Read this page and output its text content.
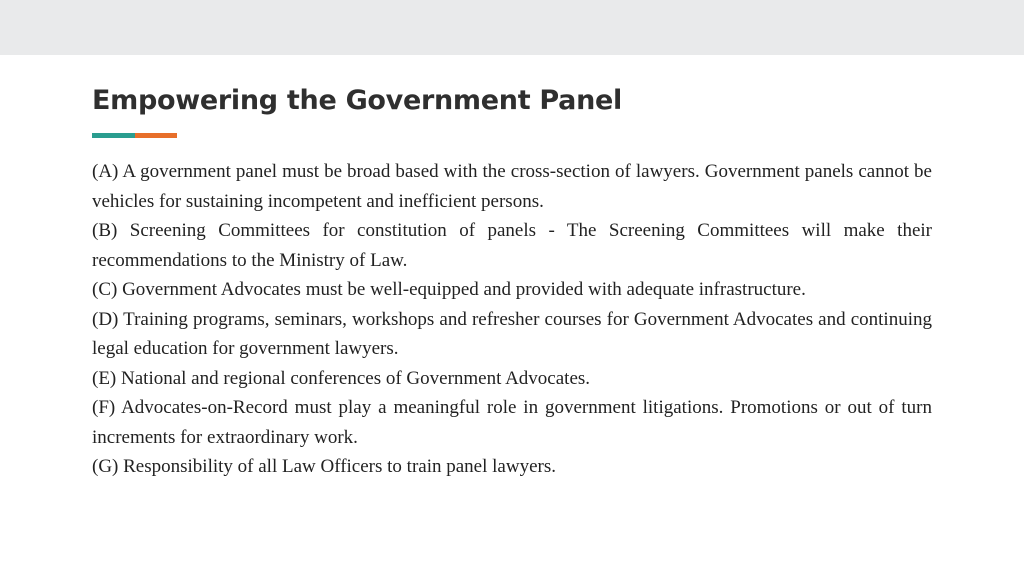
Empowering the Government Panel

(A) A government panel must be broad based with the cross-section of lawyers. Government panels cannot be vehicles for sustaining incompetent and inefficient persons.

(B) Screening Committees for constitution of panels - The Screening Committees will make their recommendations to the Ministry of Law.

(C) Government Advocates must be well-equipped and provided with adequate infrastructure.

(D) Training programs, seminars, workshops and refresher courses for Government Advocates and continuing legal education for government lawyers.

(E) National and regional conferences of Government Advocates.

(F) Advocates-on-Record must play a meaningful role in government litigations. Promotions or out of turn increments for extraordinary work.

(G) Responsibility of all Law Officers to train panel lawyers.
